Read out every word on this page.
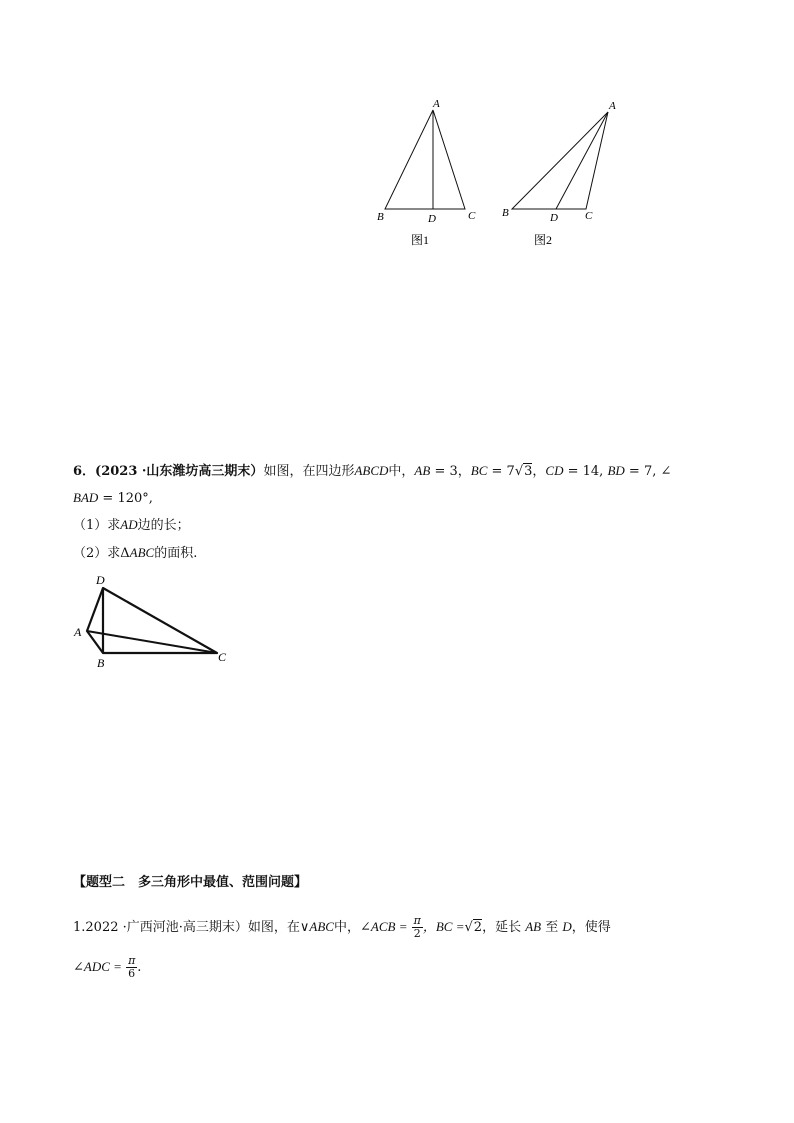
A
B	D	C
图1
A
B	D C
图2
6．(2023 ·山东潍坊高三期末）如图，在四边形ABCD中，AB = 3，BC = 7√3，CD = 14, BD = 7, ∠
BAD = 120°,
（1）求AD边的长；
（2）求ΔABC的面积.
D
A
B	C
【题型二　多三角形中最值、范围问题】
1.2022 ·广西河池·高三期末）如图，在∨ABC中，∠ACB = $\frac{\pi}{2}$ ，BC =√2，延长 AB 至 D，使得
∠ADC = $\frac{\pi}{6}$ .
